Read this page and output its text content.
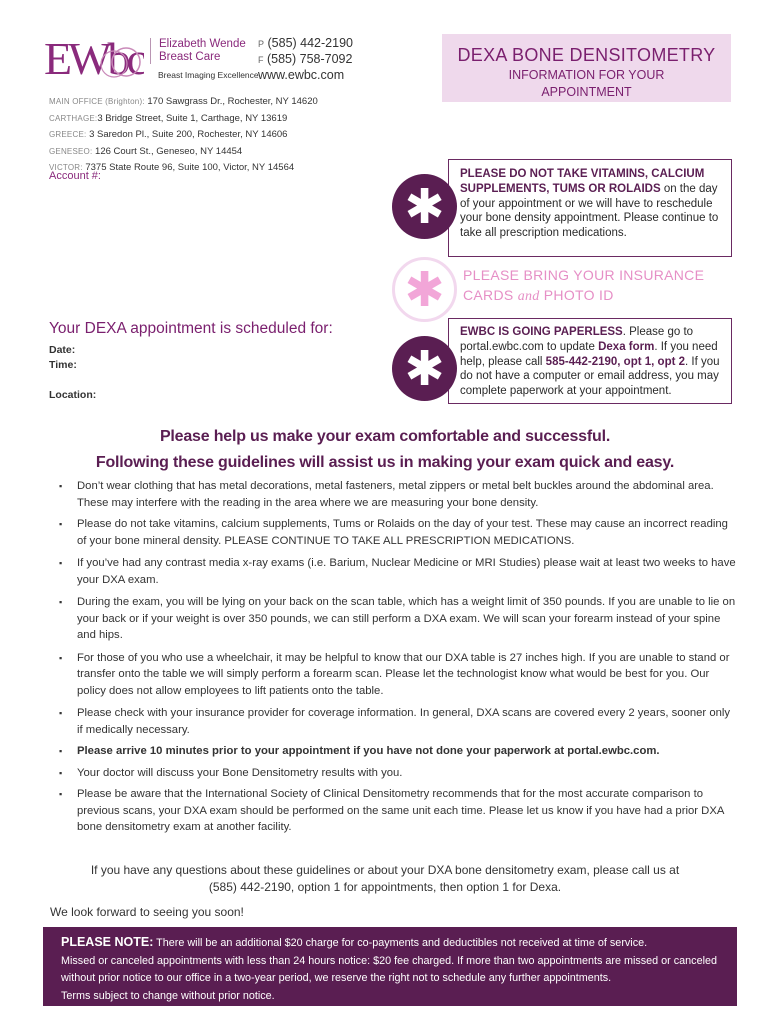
EWbc Elizabeth Wende
Breast Care
Breast Imaging Excellence
P (585) 442-2190
F (585) 758-7092
www.ewbc.com
MAIN OFFICE (Brighton): 170 Sawgrass Dr., Rochester, NY 14620
CARTHAGE:3 Bridge Street, Suite 1, Carthage, NY 13619
GREECE: 3 Saredon Pl., Suite 200, Rochester, NY 14606
GENESEO: 126 Court St., Geneseo, NY 14454
VICTOR: 7375 State Route 96, Suite 100, Victor, NY 14564
Account #:
DEXA BONE DENSITOMETRY
INFORMATION FOR YOUR
APPOINTMENT
PLEASE DO NOT TAKE VITAMINS, CALCIUM SUPPLEMENTS, TUMS OR ROLAIDS on the day of your appointment or we will have to reschedule your bone density appointment. Please continue to take all prescription medications.
✱
✱	PLEASE BRING YOUR INSURANCE
CARDS and PHOTO ID
EWBC IS GOING PAPERLESS. Please go to portal.ewbc.com to update Dexa form. If you need help, please call 585-442-2190, opt 1, opt 2. If you do not have a computer or email address, you may complete paperwork at your appointment.
✱
Your DEXA appointment is scheduled for:
Date:
Time:
Location:
Please help us make your exam comfortable and successful.
Following these guidelines will assist us in making your exam quick and easy.
▪ Don’t wear clothing that has metal decorations, metal fasteners, metal zippers or metal belt buckles around the abdominal area. These may interfere with the reading in the area where we are measuring your bone density.
▪ Please do not take vitamins, calcium supplements, Tums or Rolaids on the day of your test. These may cause an incorrect reading of your bone mineral density. PLEASE CONTINUE TO TAKE ALL PRESCRIPTION MEDICATIONS.
▪ If you’ve had any contrast media x-ray exams (i.e. Barium, Nuclear Medicine or MRI Studies) please wait at least two weeks to have your DXA exam.
▪ During the exam, you will be lying on your back on the scan table, which has a weight limit of 350 pounds. If you are unable to lie on your back or if your weight is over 350 pounds, we can still perform a DXA exam. We will scan your forearm instead of your spine and hips.
▪ For those of you who use a wheelchair, it may be helpful to know that our DXA table is 27 inches high. If you are unable to stand or transfer onto the table we will simply perform a forearm scan. Please let the technologist know what would be best for you. Our policy does not allow employees to lift patients onto the table.
▪ Please check with your insurance provider for coverage information. In general, DXA scans are covered every 2 years, sooner only if medically necessary.
▪ Please arrive 10 minutes prior to your appointment if you have not done your paperwork at portal.ewbc.com.
▪ Your doctor will discuss your Bone Densitometry results with you.
▪ Please be aware that the International Society of Clinical Densitometry recommends that for the most accurate comparison to previous scans, your DXA exam should be performed on the same unit each time. Please let us know if you have had a prior DXA bone densitometry exam at another facility.
If you have any questions about these guidelines or about your DXA bone densitometry exam, please call us at
(585) 442-2190, option 1 for appointments, then option 1 for Dexa.
We look forward to seeing you soon!
PLEASE NOTE: There will be an additional $20 charge for co-payments and deductibles not received at time of service.
Missed or canceled appointments with less than 24 hours notice: $20 fee charged. If more than two appointments are missed or canceled without prior notice to our office in a two-year period, we reserve the right not to schedule any further appointments.
Terms subject to change without prior notice.
